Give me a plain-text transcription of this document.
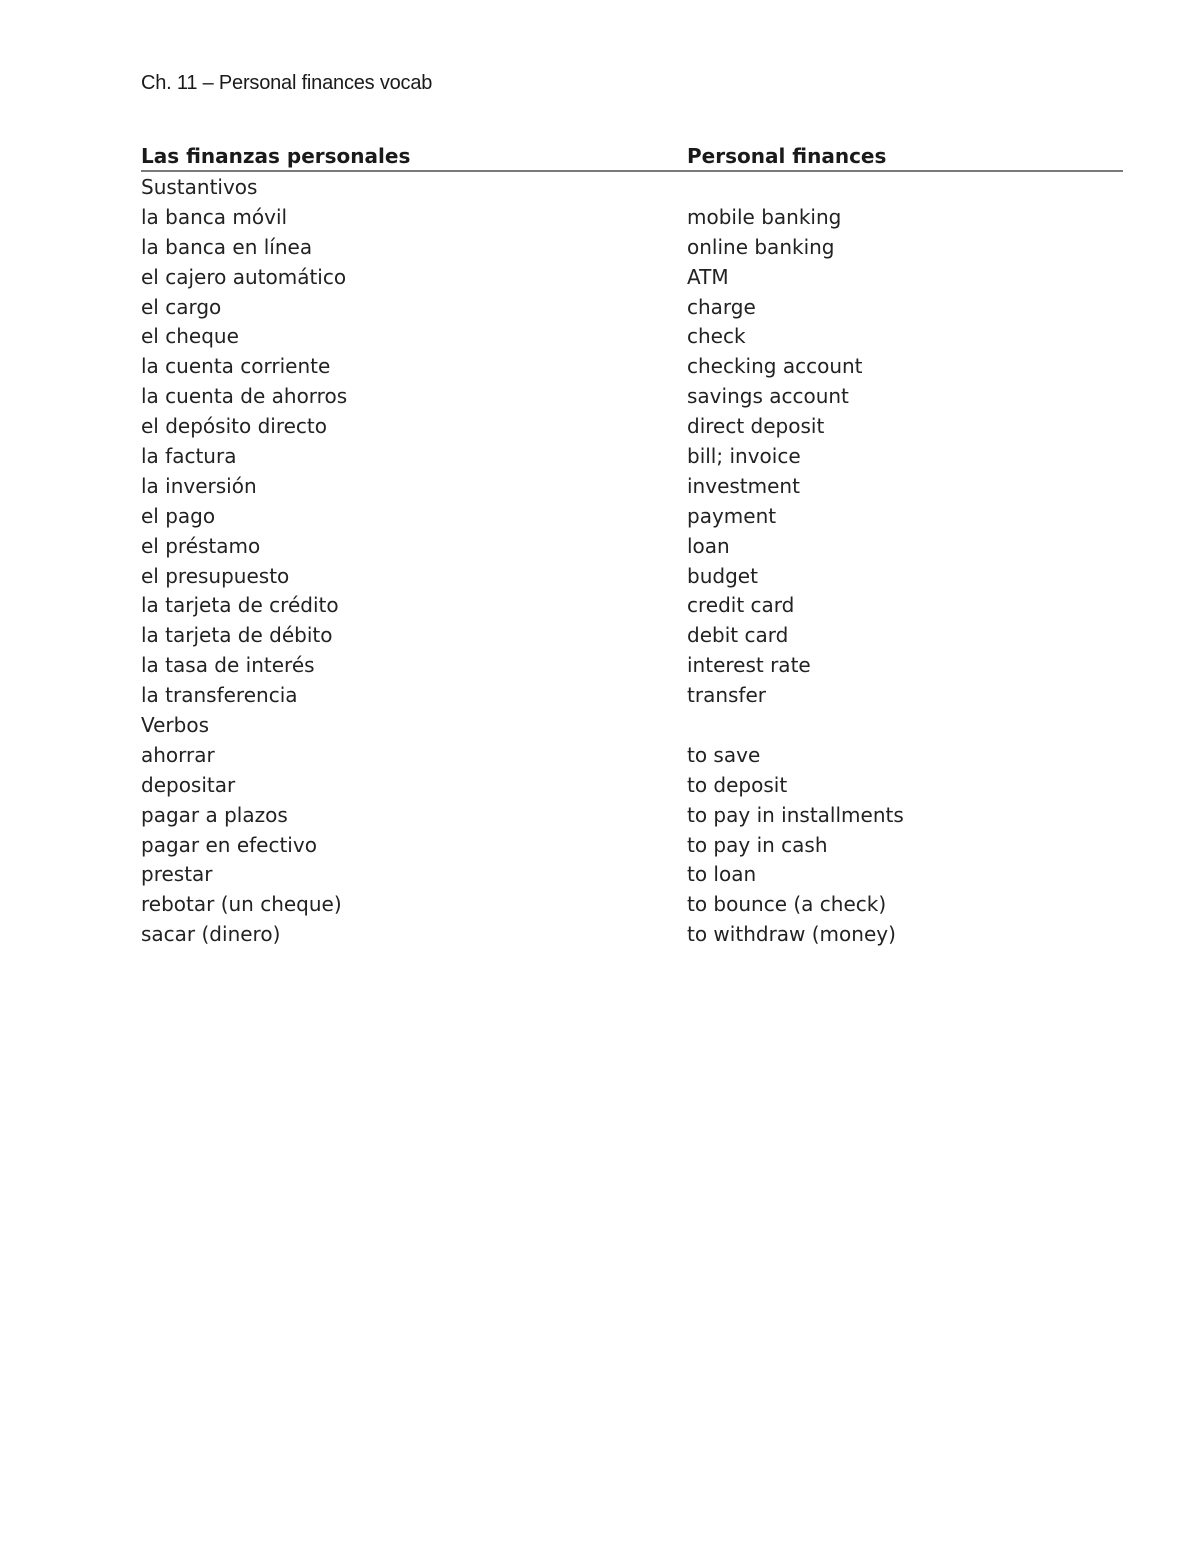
Ch. 11 – Personal finances vocab
Las finanzas personales	Personal finances
Sustantivos	
la banca móvil	mobile banking
la banca en línea	online banking
el cajero automático	ATM
el cargo	charge
el cheque	check
la cuenta corriente	checking account
la cuenta de ahorros	savings account
el depósito directo	direct deposit
la factura	bill; invoice
la inversión	investment
el pago	payment
el préstamo	loan
el presupuesto	budget
la tarjeta de crédito	credit card
la tarjeta de débito	debit card
la tasa de interés	interest rate
la transferencia	transfer
Verbos	
ahorrar	to save
depositar	to deposit
pagar a plazos	to pay in installments
pagar en efectivo	to pay in cash
prestar	to loan
rebotar (un cheque)	to bounce (a check)
sacar (dinero)	to withdraw (money)
